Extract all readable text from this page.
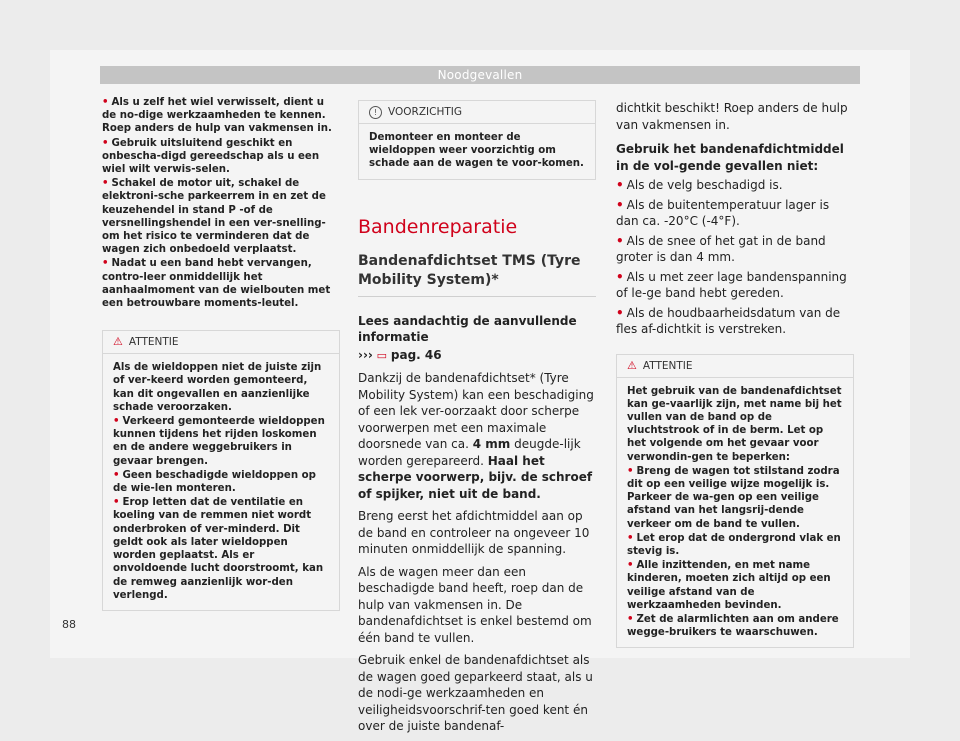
Noodgevallen
• Als u zelf het wiel verwisselt, dient u de no-dige werkzaamheden te kennen. Roep anders de hulp van vakmensen in.
• Gebruik uitsluitend geschikt en onbescha-digd gereedschap als u een wiel wilt verwis-selen.
• Schakel de motor uit, schakel de elektroni-sche parkeerrem in en zet de keuzehendel in stand P -of de versnellingshendel in een ver-snelling- om het risico te verminderen dat de wagen zich onbedoeld verplaatst.
• Nadat u een band hebt vervangen, contro-leer onmiddellijk het aanhaalmoment van de wielbouten met een betrouwbare moments-leutel.
⚠ ATTENTIE
Als de wieldoppen niet de juiste zijn of ver-keerd worden gemonteerd, kan dit ongevallen en aanzienlijke schade veroorzaken.
• Verkeerd gemonteerde wieldoppen kunnen tijdens het rijden loskomen en de andere weggebruikers in gevaar brengen.
• Geen beschadigde wieldoppen op de wie-len monteren.
• Erop letten dat de ventilatie en koeling van de remmen niet wordt onderbroken of ver-minderd. Dit geldt ook als later wieldoppen worden geplaatst. Als er onvoldoende lucht doorstroomt, kan de remweg aanzienlijk wor-den verlengd.
! VOORZICHTIG
Demonteer en monteer de wieldoppen weer voorzichtig om schade aan de wagen te voor-komen.
Bandenreparatie
Bandenafdichtset TMS (Tyre Mobility System)*

Lees aandachtig de aanvullende informatie

››› ▭ pag. 46

Dankzij de bandenafdichtset* (Tyre Mobility System) kan een beschadiging of een lek ver-oorzaakt door scherpe voorwerpen met een maximale doorsnede van ca. 4 mm deugde-lijk worden gerepareerd. Haal het scherpe voorwerp, bijv. de schroef of spijker, niet uit de band.

Breng eerst het afdichtmiddel aan op de band en controleer na ongeveer 10 minuten onmiddellijk de spanning.

Als de wagen meer dan een beschadigde band heeft, roep dan de hulp van vakmensen in. De bandenafdichtset is enkel bestemd om één band te vullen.

Gebruik enkel de bandenafdichtset als de wagen goed geparkeerd staat, als u de nodi-ge werkzaamheden en veiligheidsvoorschrif-ten goed kent én over de juiste bandenaf-

dichtkit beschikt! Roep anders de hulp van vakmensen in.

Gebruik het bandenafdichtmiddel in de vol-gende gevallen niet:

• Als de velg beschadigd is.
• Als de buitentemperatuur lager is dan ca. -20°C (-4°F).
• Als de snee of het gat in de band groter is dan 4 mm.
• Als u met zeer lage bandenspanning of le-ge band hebt gereden.
• Als de houdbaarheidsdatum van de fles af-dichtkit is verstreken.
⚠ ATTENTIE
Het gebruik van de bandenafdichtset kan ge-vaarlijk zijn, met name bij het vullen van de band op de vluchtstrook of in de berm. Let op het volgende om het gevaar voor verwondin-gen te beperken:
• Breng de wagen tot stilstand zodra dit op een veilige wijze mogelijk is. Parkeer de wa-gen op een veilige afstand van het langsrij-dende verkeer om de band te vullen.
• Let erop dat de ondergrond vlak en stevig is.
• Alle inzittenden, en met name kinderen, moeten zich altijd op een veilige afstand van de werkzaamheden bevinden.
• Zet de alarmlichten aan om andere wegge-bruikers te waarschuwen.
88
